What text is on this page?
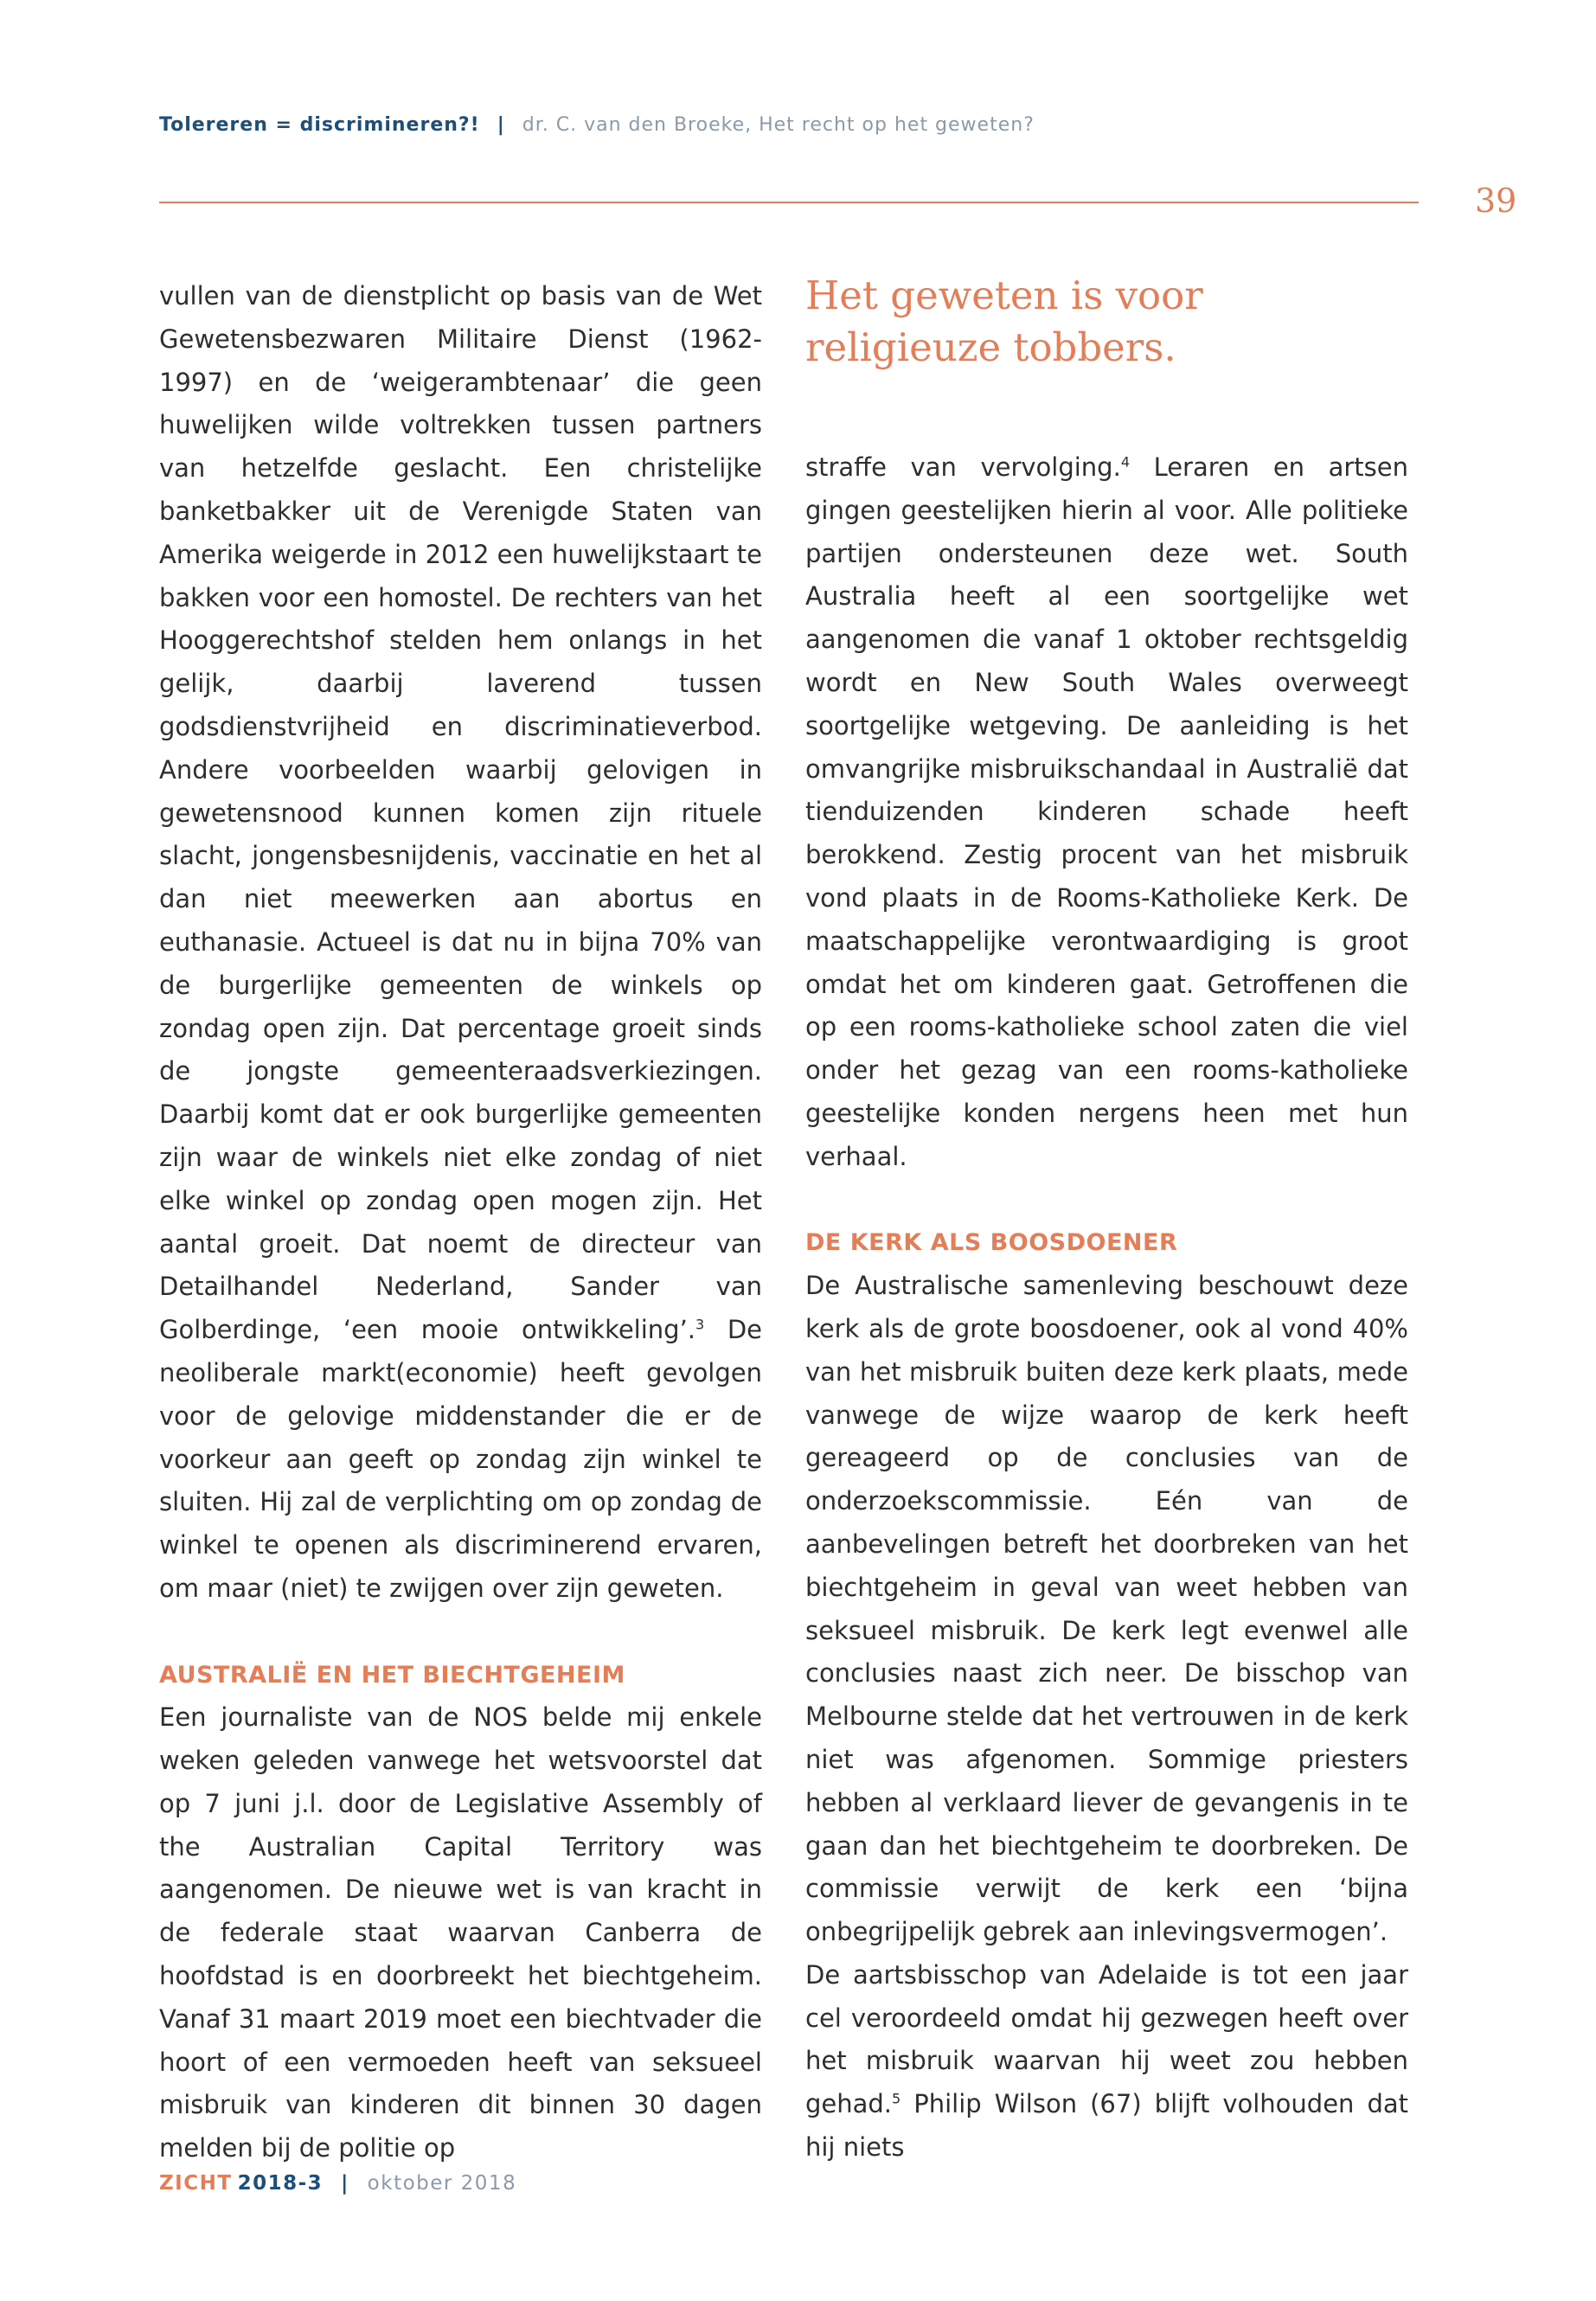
Tolereren = discrimineren?! | dr. C. van den Broeke, Het recht op het geweten?
39

vullen van de dienstplicht op basis van de Wet Gewetensbezwaren Militaire Dienst (1962-1997) en de ‘weigerambtenaar’ die geen huwelijken wilde voltrekken tussen partners van hetzelfde geslacht. Een christelijke banketbakker uit de Verenigde Staten van Amerika weigerde in 2012 een huwelijkstaart te bakken voor een homostel. De rechters van het Hooggerechtshof stelden hem onlangs in het gelijk, daarbij laverend tussen godsdienstvrijheid en discriminatieverbod. Andere voorbeelden waarbij gelovigen in gewetensnood kunnen komen zijn rituele slacht, jongensbesnijdenis, vaccinatie en het al dan niet meewerken aan abortus en euthanasie. Actueel is dat nu in bijna 70% van de burgerlijke gemeenten de winkels op zondag open zijn. Dat percentage groeit sinds de jongste gemeenteraadsverkiezingen. Daarbij komt dat er ook burgerlijke gemeenten zijn waar de winkels niet elke zondag of niet elke winkel op zondag open mogen zijn. Het aantal groeit. Dat noemt de directeur van Detailhandel Nederland, Sander van Golberdinge, ‘een mooie ontwikkeling’.$^3$ De neoliberale markt(economie) heeft gevolgen voor de gelovige middenstander die er de voorkeur aan geeft op zondag zijn winkel te sluiten. Hij zal de verplichting om op zondag de winkel te openen als discriminerend ervaren, om maar (niet) te zwijgen over zijn geweten.

AUSTRALIË EN HET BIECHTGEHEIM

Een journaliste van de NOS belde mij enkele weken geleden vanwege het wetsvoorstel dat op 7 juni j.l. door de Legislative Assembly of the Australian Capital Territory was aangenomen. De nieuwe wet is van kracht in de federale staat waarvan Canberra de hoofdstad is en doorbreekt het biechtgeheim. Vanaf 31 maart 2019 moet een biechtvader die hoort of een vermoeden heeft van seksueel misbruik van kinderen dit binnen 30 dagen melden bij de politie op

Het geweten is voor religieuze tobbers.

straffe van vervolging.$^4$ Leraren en artsen gingen geestelijken hierin al voor. Alle politieke partijen ondersteunen deze wet. South Australia heeft al een soortgelijke wet aangenomen die vanaf 1 oktober rechtsgeldig wordt en New South Wales overweegt soortgelijke wetgeving. De aanleiding is het omvangrijke misbruikschandaal in Australië dat tienduizenden kinderen schade heeft berokkend. Zestig procent van het misbruik vond plaats in de Rooms-Katholieke Kerk. De maatschappelijke verontwaardiging is groot omdat het om kinderen gaat. Getroffenen die op een rooms-katholieke school zaten die viel onder het gezag van een rooms-katholieke geestelijke konden nergens heen met hun verhaal.

DE KERK ALS BOOSDOENER

De Australische samenleving beschouwt deze kerk als de grote boosdoener, ook al vond 40% van het misbruik buiten deze kerk plaats, mede vanwege de wijze waarop de kerk heeft gereageerd op de conclusies van de onderzoekscommissie. Eén van de aanbevelingen betreft het doorbreken van het biechtgeheim in geval van weet hebben van seksueel misbruik. De kerk legt evenwel alle conclusies naast zich neer. De bisschop van Melbourne stelde dat het vertrouwen in de kerk niet was afgenomen. Sommige priesters hebben al verklaard liever de gevangenis in te gaan dan het biechtgeheim te doorbreken. De commissie verwijt de kerk een ‘bijna onbegrijpelijk gebrek aan inlevingsvermogen’.

De aartsbisschop van Adelaide is tot een jaar cel veroordeeld omdat hij gezwegen heeft over het misbruik waarvan hij weet zou hebben gehad.$^5$ Philip Wilson (67) blijft volhouden dat hij niets

ZICHT 2018-3 | oktober 2018
